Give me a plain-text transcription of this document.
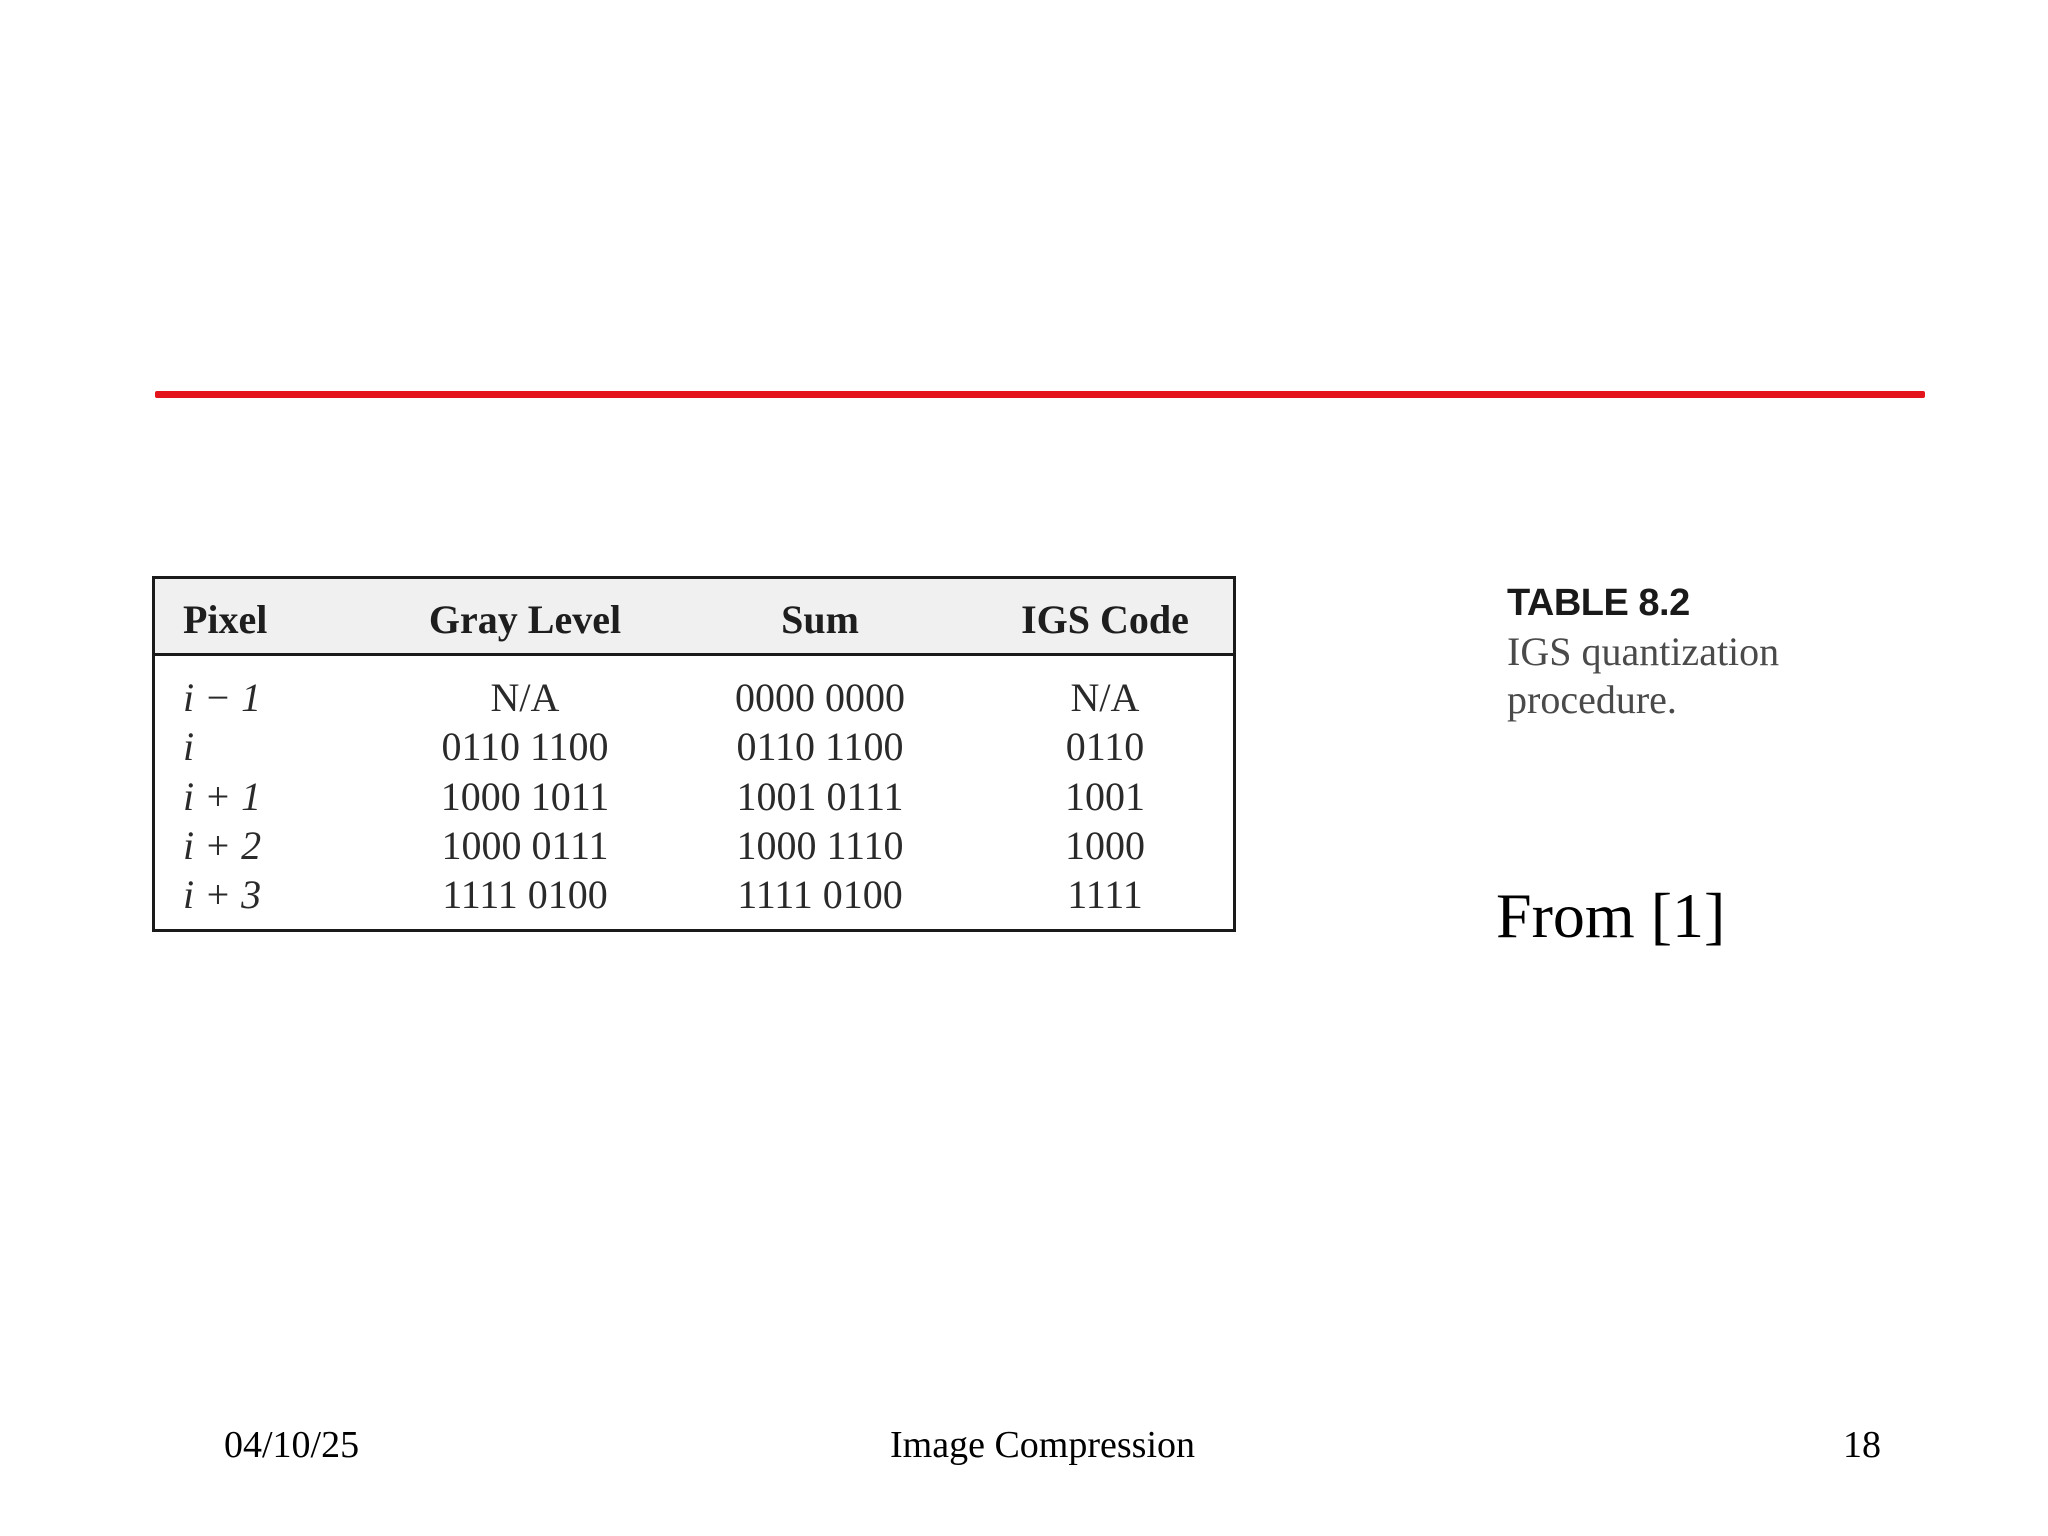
Pixel	Gray Level	Sum	IGS Code
i − 1	N/A	0000 0000	N/A
i	0110 1100	0110 1100	0110
i + 1	1000 1011	1001 0111	1001
i + 2	1000 0111	1000 1110	1000
i + 3	1111 0100	1111 0100	1111
TABLE 8.2
IGS quantization
procedure.
From [1]
04/10/25	Image Compression	18
